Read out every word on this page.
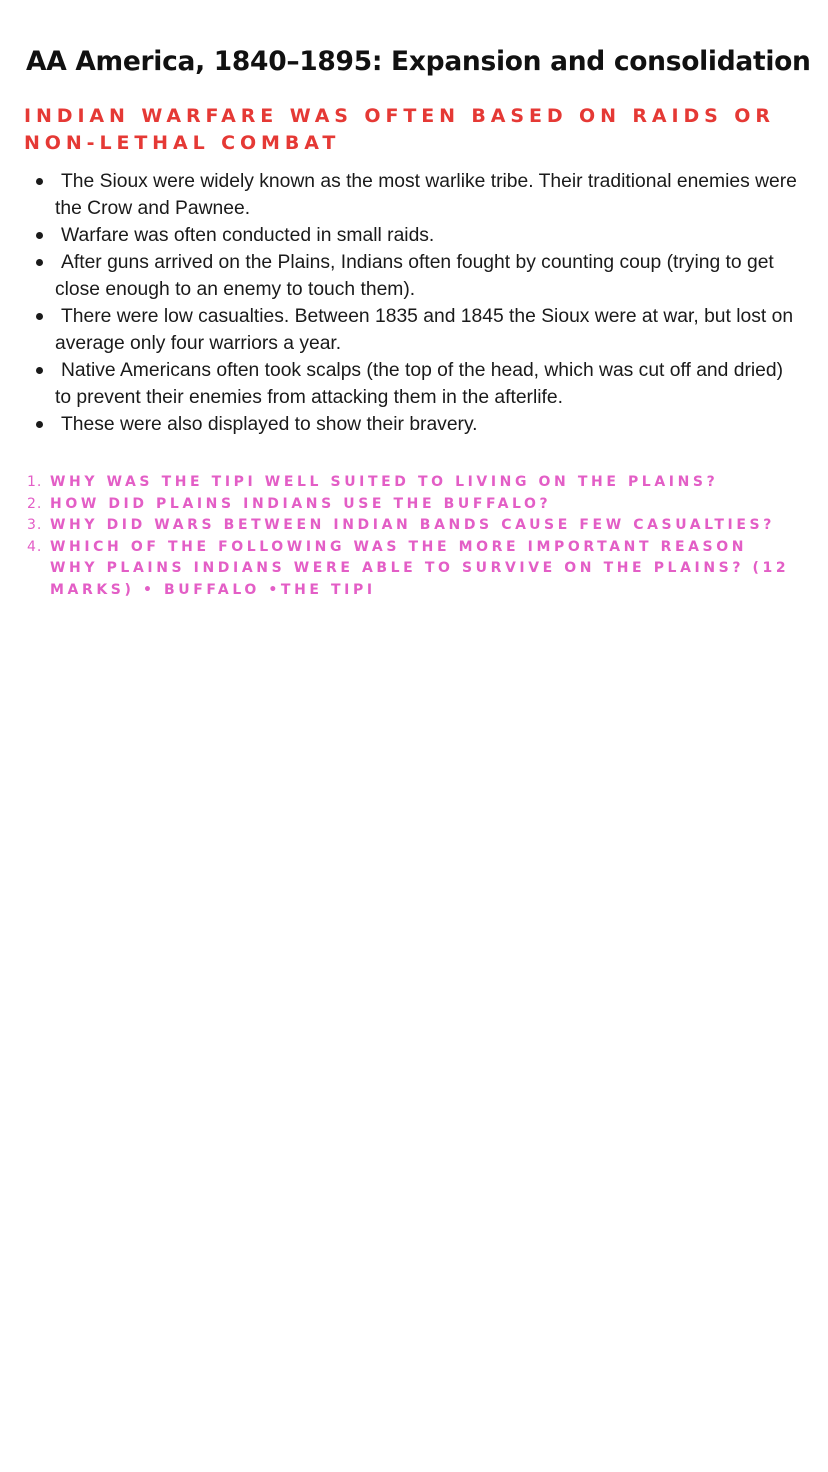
AA America, 1840–1895: Expansion and consolidation
INDIAN WARFARE WAS OFTEN BASED ON RAIDS OR NON-LETHAL COMBAT
The Sioux were widely known as the most warlike tribe. Their traditional enemies were the Crow and Pawnee.
Warfare was often conducted in small raids.
After guns arrived on the Plains, Indians often fought by counting coup (trying to get close enough to an enemy to touch them).
There were low casualties. Between 1835 and 1845 the Sioux were at war, but lost on average only four warriors a year.
Native Americans often took scalps (the top of the head, which was cut off and dried) to prevent their enemies from attacking them in the afterlife.
These were also displayed to show their bravery.
1. WHY WAS THE TIPI WELL SUITED TO LIVING ON THE PLAINS?
2. HOW DID PLAINS INDIANS USE THE BUFFALO?
3. WHY DID WARS BETWEEN INDIAN BANDS CAUSE FEW CASUALTIES?
4. WHICH OF THE FOLLOWING WAS THE MORE IMPORTANT REASON WHY PLAINS INDIANS WERE ABLE TO SURVIVE ON THE PLAINS? (12 MARKS) • BUFFALO •THE TIPI
